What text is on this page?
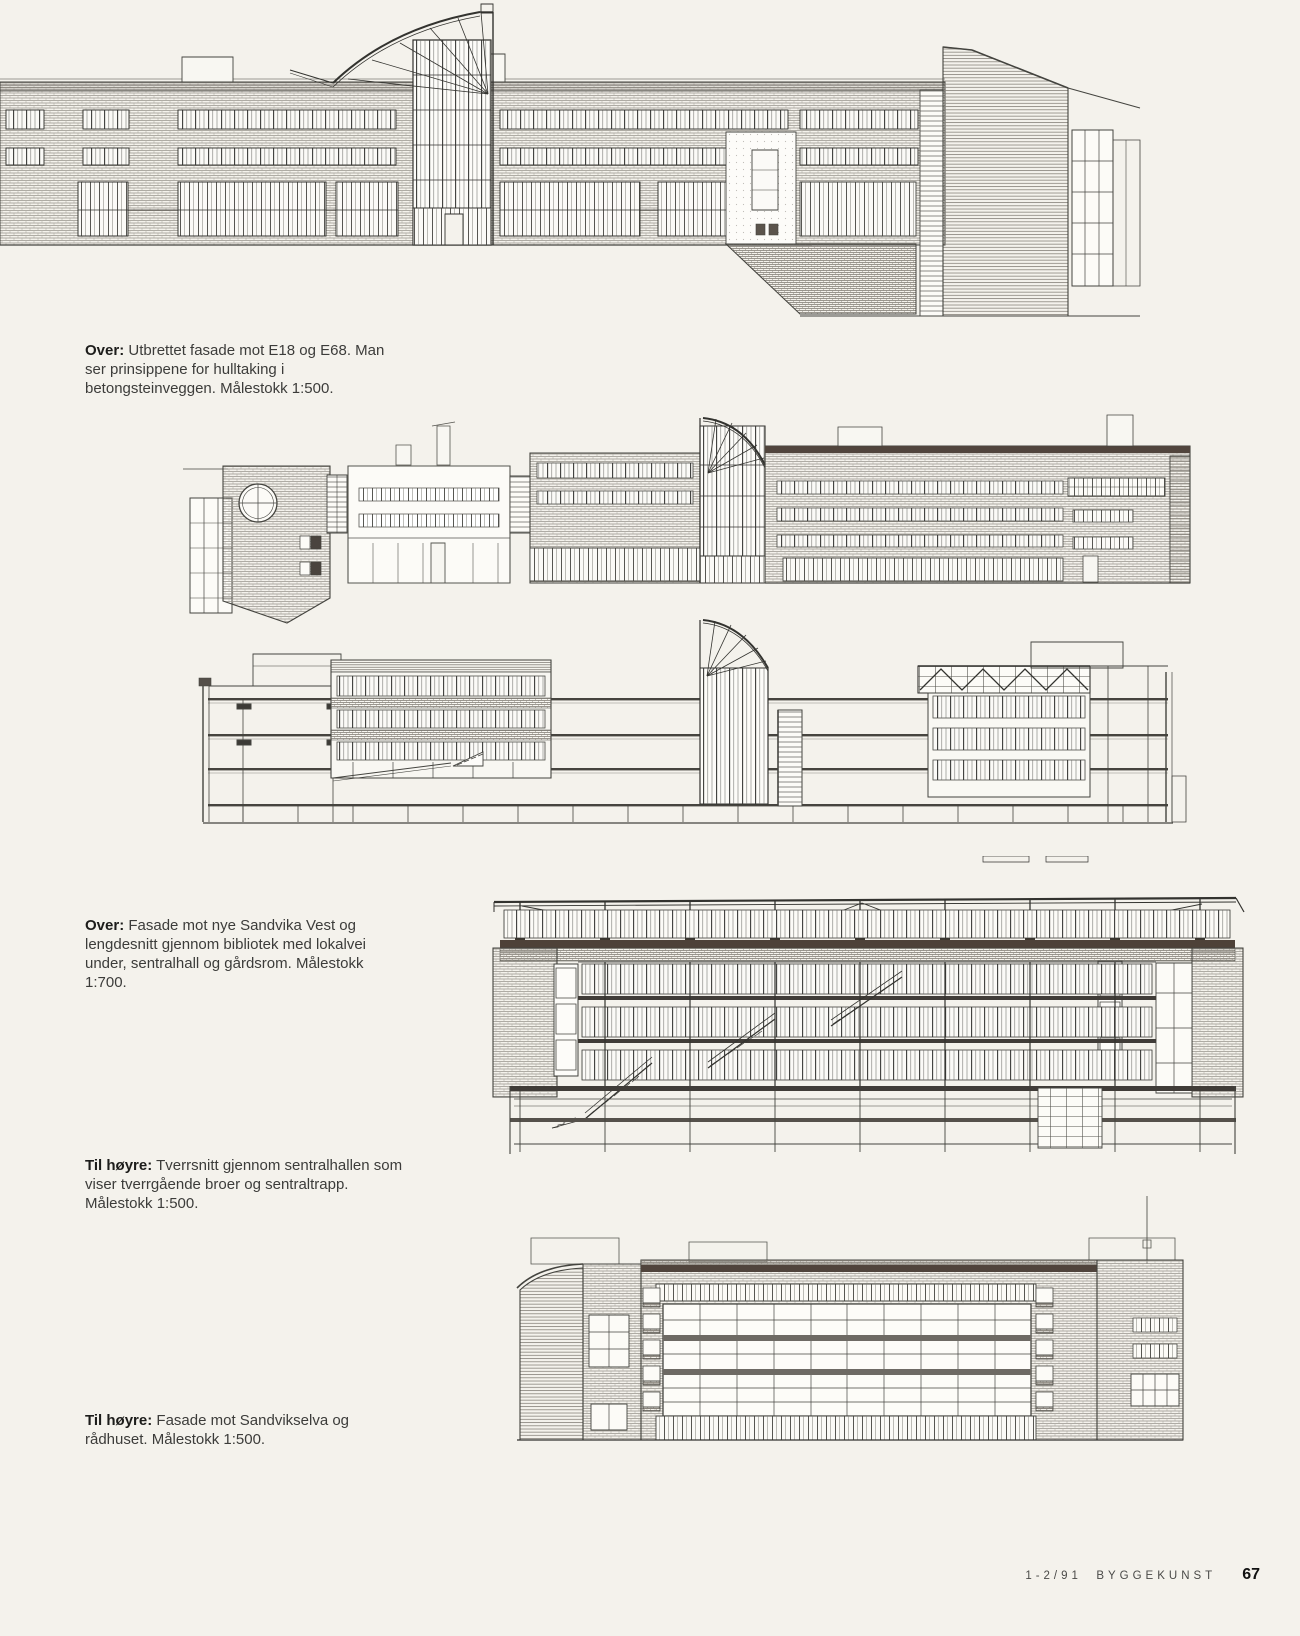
Over: Utbrettet fasade mot E18 og E68. Man ser prinsippene for hulltaking i betongsteinveggen. Målestokk 1:500.

Over: Fasade mot nye Sandvika Vest og lengdesnitt gjennom bibliotek med lokalvei under, sentralhall og gårdsrom. Målestokk 1:700.

Til høyre: Tverrsnitt gjennom sentralhallen som viser tverrgående broer og sentraltrapp. Målestokk 1:500.

Til høyre: Fasade mot Sandvikselva og rådhuset. Målestokk 1:500.

1-2/91 BYGGEKUNST 67
